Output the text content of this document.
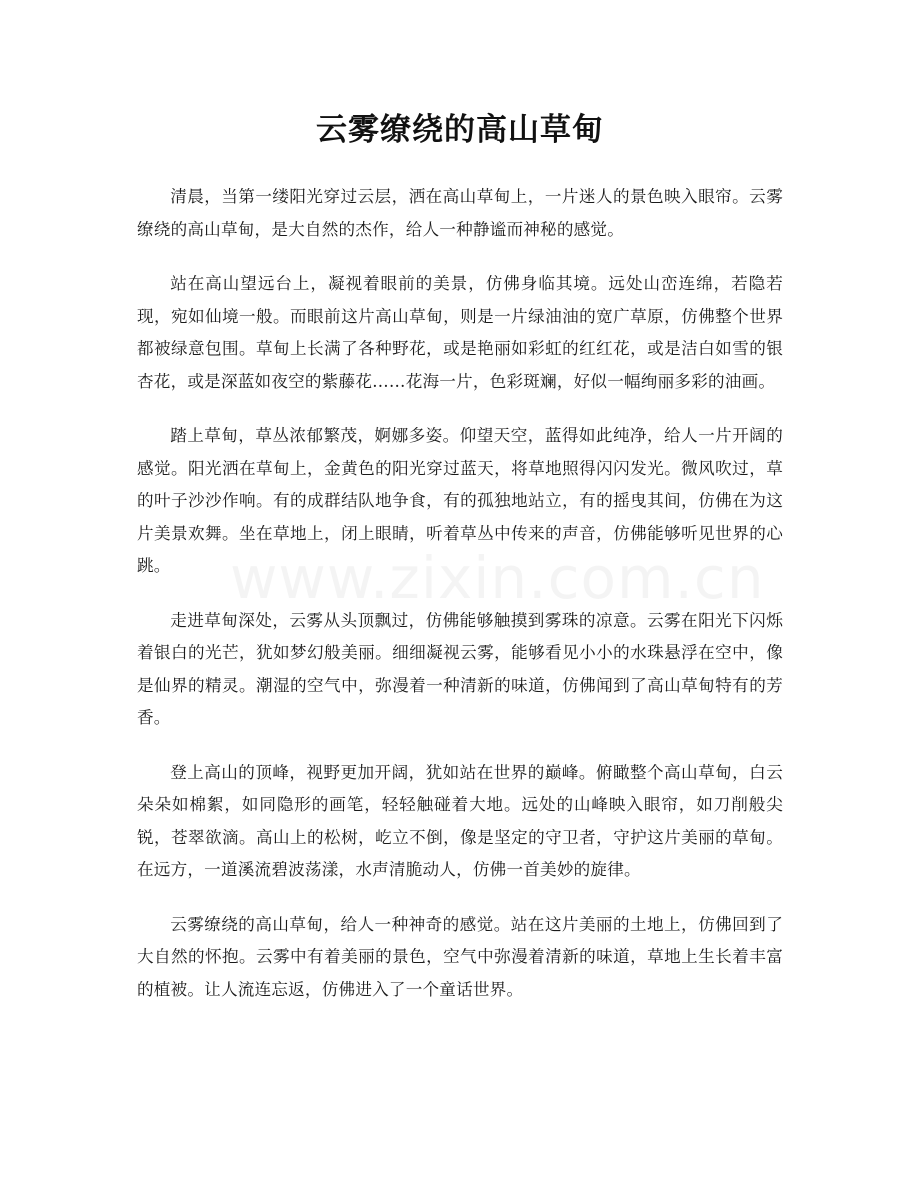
云雾缭绕的高山草甸

清晨，当第一缕阳光穿过云层，洒在高山草甸上，一片迷人的景色映入眼帘。云雾缭绕的高山草甸，是大自然的杰作，给人一种静谧而神秘的感觉。

站在高山望远台上，凝视着眼前的美景，仿佛身临其境。远处山峦连绵，若隐若现，宛如仙境一般。而眼前这片高山草甸，则是一片绿油油的宽广草原，仿佛整个世界都被绿意包围。草甸上长满了各种野花，或是艳丽如彩虹的红红花，或是洁白如雪的银杏花，或是深蓝如夜空的紫藤花……花海一片，色彩斑斓，好似一幅绚丽多彩的油画。

踏上草甸，草丛浓郁繁茂，婀娜多姿。仰望天空，蓝得如此纯净，给人一片开阔的感觉。阳光洒在草甸上，金黄色的阳光穿过蓝天，将草地照得闪闪发光。微风吹过，草的叶子沙沙作响。有的成群结队地争食，有的孤独地站立，有的摇曳其间，仿佛在为这片美景欢舞。坐在草地上，闭上眼睛，听着草丛中传来的声音，仿佛能够听见世界的心跳。

走进草甸深处，云雾从头顶飘过，仿佛能够触摸到雾珠的凉意。云雾在阳光下闪烁着银白的光芒，犹如梦幻般美丽。细细凝视云雾，能够看见小小的水珠悬浮在空中，像是仙界的精灵。潮湿的空气中，弥漫着一种清新的味道，仿佛闻到了高山草甸特有的芳香。

登上高山的顶峰，视野更加开阔，犹如站在世界的巅峰。俯瞰整个高山草甸，白云朵朵如棉絮，如同隐形的画笔，轻轻触碰着大地。远处的山峰映入眼帘，如刀削般尖锐，苍翠欲滴。高山上的松树，屹立不倒，像是坚定的守卫者，守护这片美丽的草甸。在远方，一道溪流碧波荡漾，水声清脆动人，仿佛一首美妙的旋律。

云雾缭绕的高山草甸，给人一种神奇的感觉。站在这片美丽的土地上，仿佛回到了大自然的怀抱。云雾中有着美丽的景色，空气中弥漫着清新的味道，草地上生长着丰富的植被。让人流连忘返，仿佛进入了一个童话世界。

www.zixin.com.cn
